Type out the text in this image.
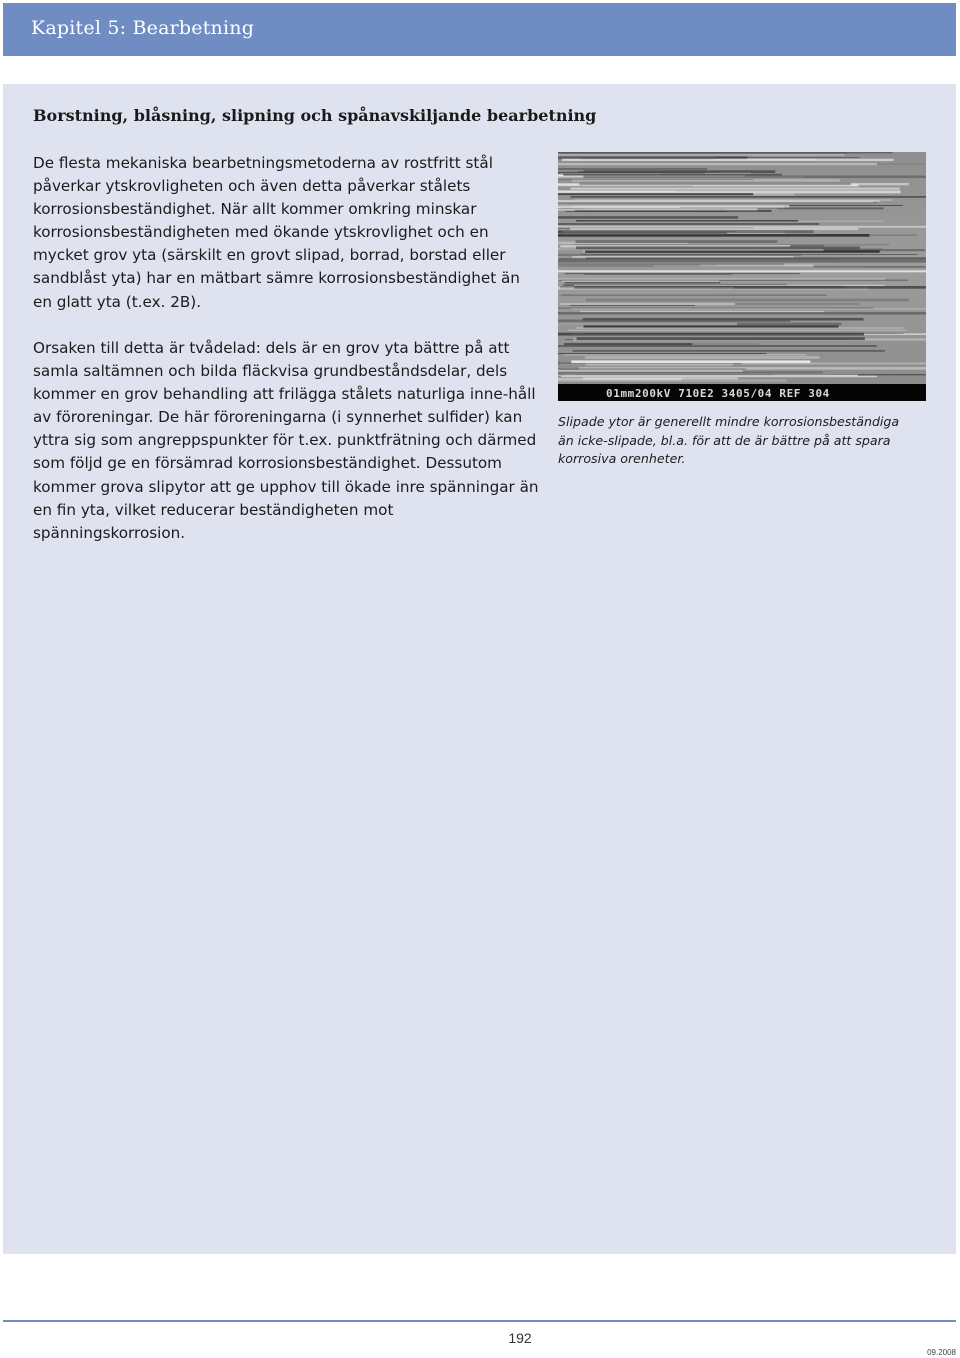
Kapitel 5: Bearbetning
Borstning, blåsning, slipning och spånavskiljande bearbetning

De flesta mekaniska bearbetningsmetoderna av rostfritt stål påverkar ytskrovligheten och även detta påverkar stålets korrosionsbeständighet. När allt kommer omkring minskar korrosionsbeständigheten med ökande ytskrovlighet och en mycket grov yta (särskilt en grovt slipad, borrad, borstad eller sandblåst yta) har en mätbart sämre korrosionsbeständighet än en glatt yta (t.ex. 2B).

Orsaken till detta är tvådelad: dels är en grov yta bättre på att samla saltämnen och bilda fläckvisa grundbeståndsdelar, dels kommer en grov behandling att frilägga stålets naturliga inne-håll av föroreningar. De här föroreningarna (i synnerhet sulfider) kan yttra sig som angreppspunkter för t.ex. punktfrätning och därmed som följd ge en försämrad korrosionsbeständighet. Dessutom kommer grova slipytor att ge upphov till ökade inre spänningar än en fin yta, vilket reducerar beständigheten mot spänningskorrosion.

01mm200kV 710E2 3405/04 REF 304

Slipade ytor är generellt mindre korrosionsbeständiga
än icke-slipade, bl.a. för att de är bättre på att spara
korrosiva orenheter.

192
09.2008
